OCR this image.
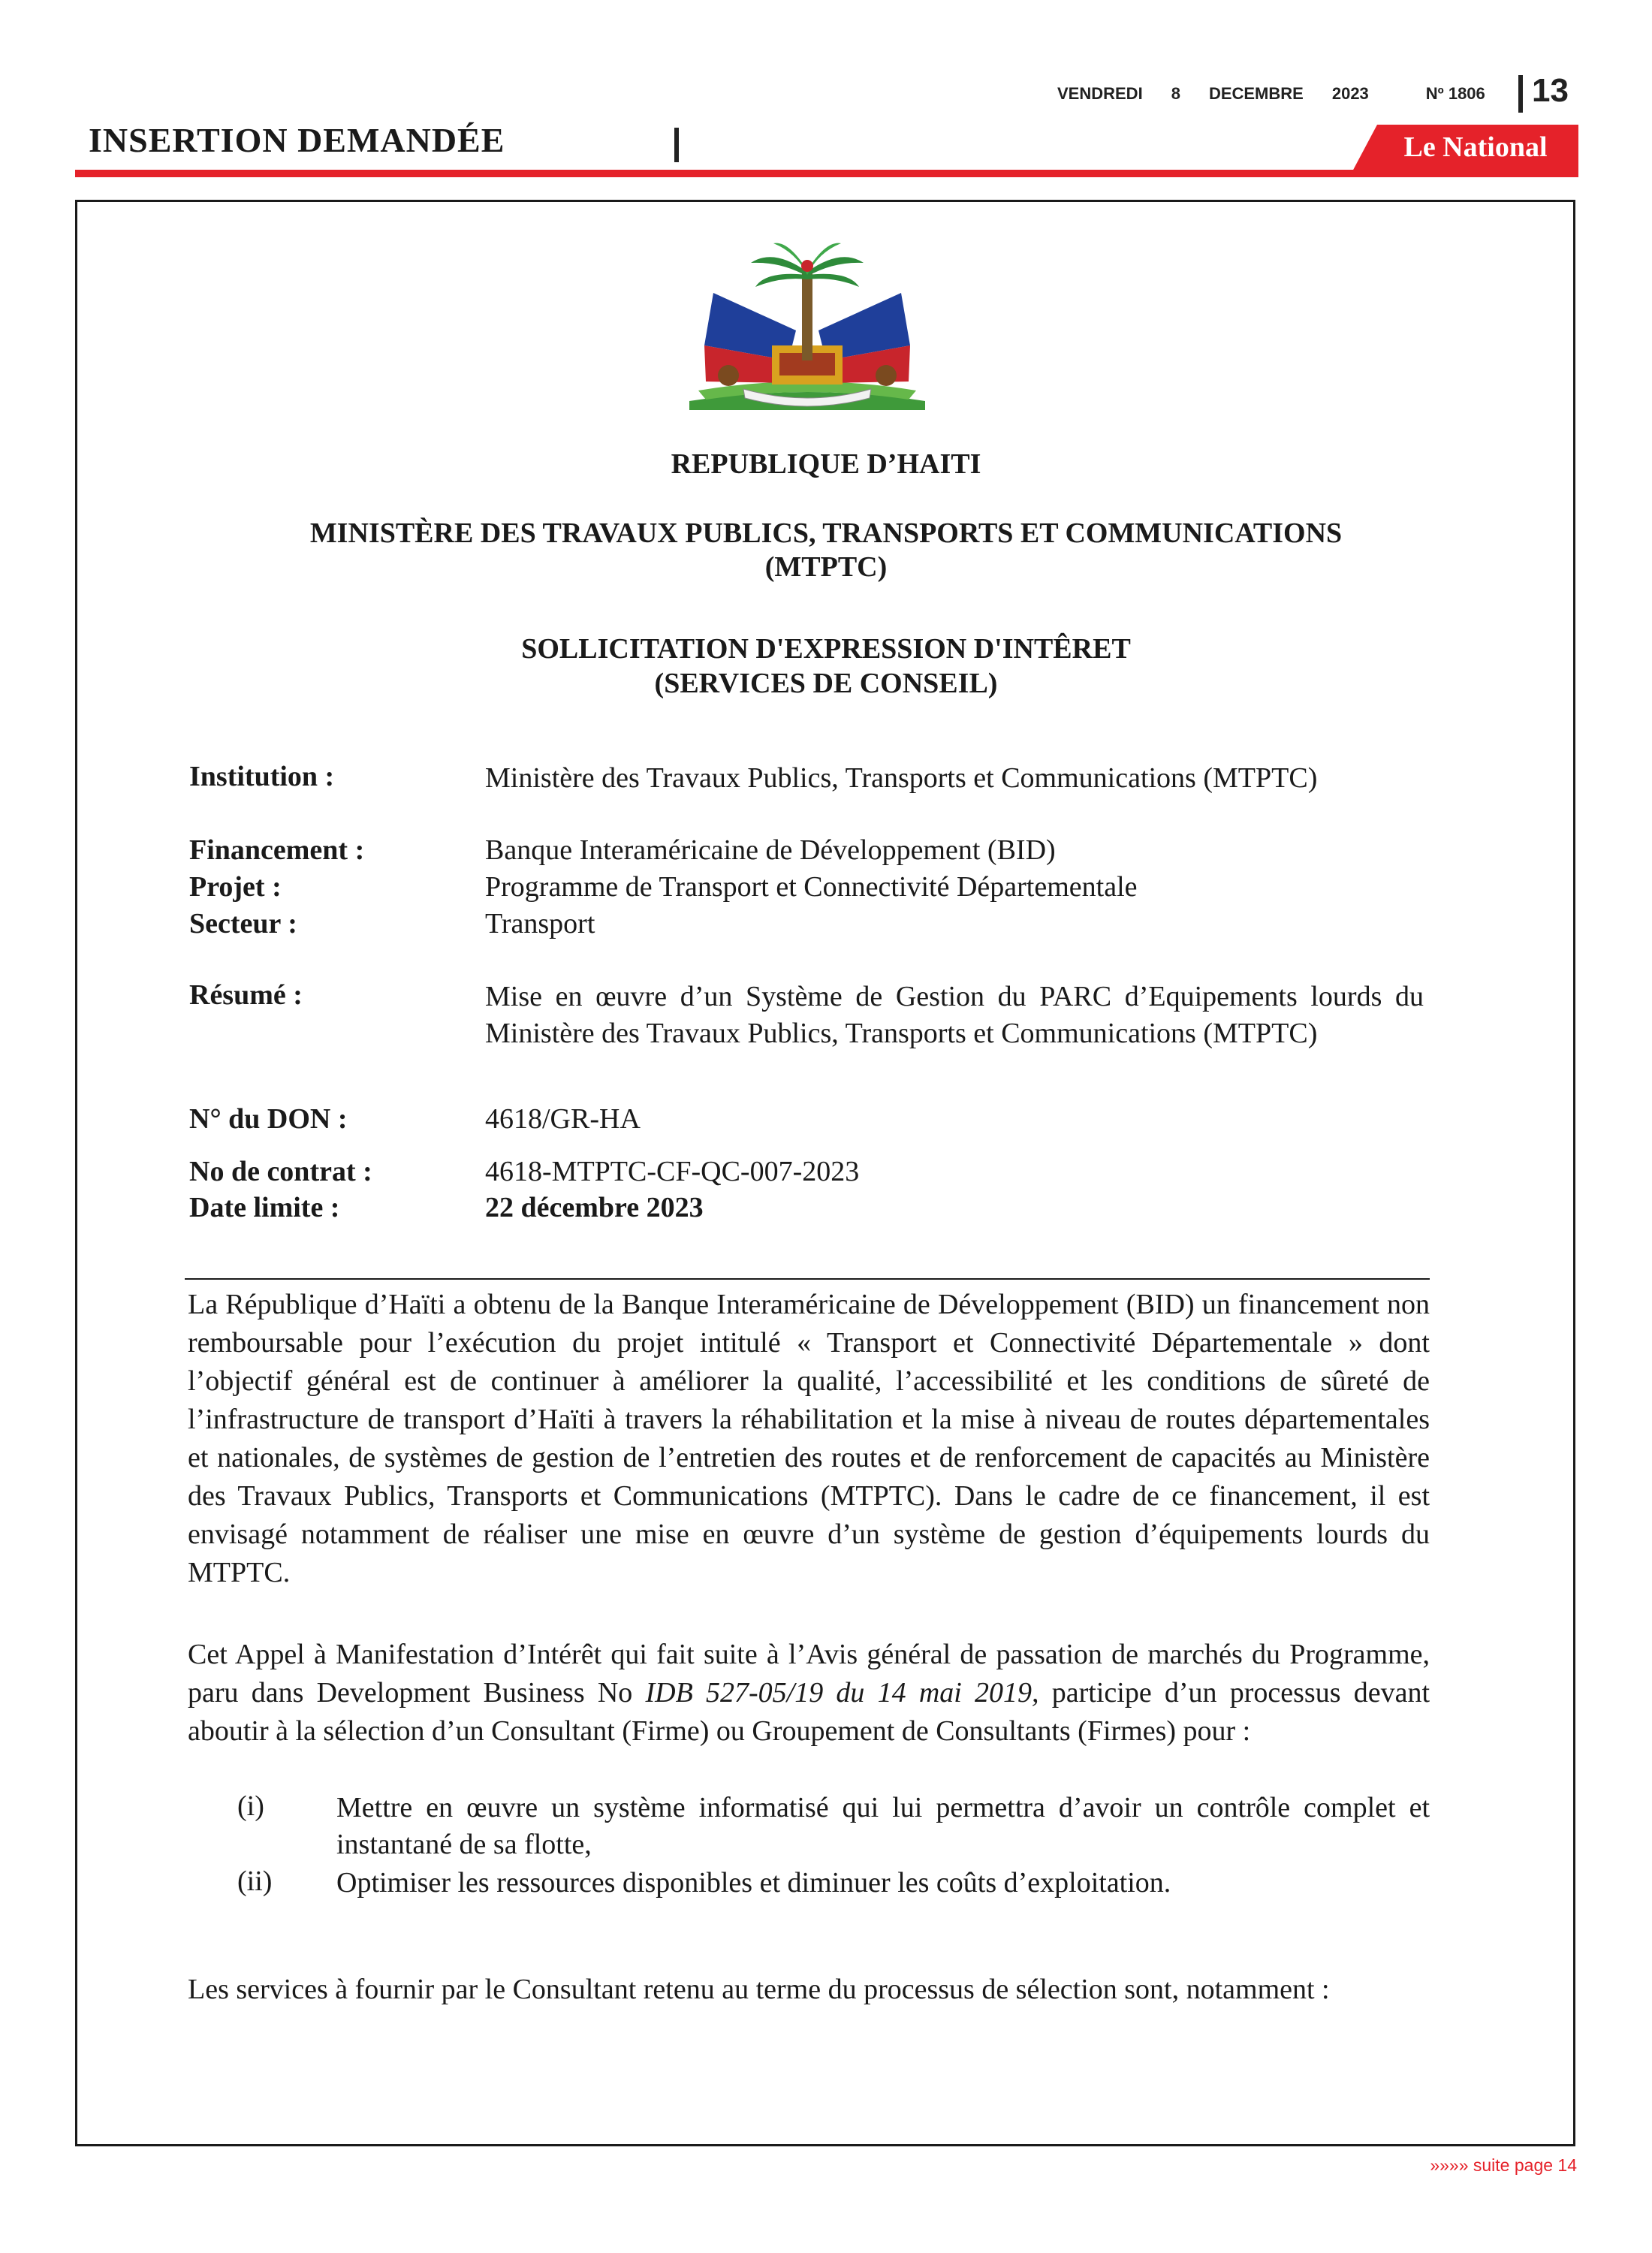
VENDREDI 8 DECEMBRE 2023	Nº 1806 13
INSERTION DEMANDÉE	Le National
REPUBLIQUE D’HAITI
MINISTÈRE DES TRAVAUX PUBLICS, TRANSPORTS ET COMMUNICATIONS
(MTPTC)
SOLLICITATION D'EXPRESSION D'INTÊRET
(SERVICES DE CONSEIL)
Institution :	Ministère des Travaux Publics, Transports et Communications (MTPTC)
Financement :	Banque Interaméricaine de Développement (BID)
Projet :	Programme de Transport et Connectivité Départementale
Secteur :	Transport
Résumé :	Mise en œuvre d’un Système de Gestion du PARC d’Equipements lourds du Ministère des Travaux Publics, Transports et Communications (MTPTC)
N° du DON :	4618/GR-HA
No de contrat :	4618-MTPTC-CF-QC-007-2023
Date limite :	22 décembre 2023
La République d’Haïti a obtenu de la Banque Interaméricaine de Développement (BID) un financement non remboursable pour l’exécution du projet intitulé « Transport et Connectivité Départementale » dont l’objectif général est de continuer à améliorer la qualité, l’accessibilité et les conditions de sûreté de l’infrastructure de transport d’Haïti à travers la réhabilitation et la mise à niveau de routes départementales et nationales, de systèmes de gestion de l’entretien des routes et de renforcement de capacités au Ministère des Travaux Publics, Transports et Communications (MTPTC). Dans le cadre de ce financement, il est envisagé notamment de réaliser une mise en œuvre d’un système de gestion d’équipements lourds du MTPTC.
Cet Appel à Manifestation d’Intérêt qui fait suite à l’Avis général de passation de marchés du Programme, paru dans Development Business No IDB 527-05/19 du 14 mai 2019, participe d’un processus devant aboutir à la sélection d’un Consultant (Firme) ou Groupement de Consultants (Firmes) pour :
(i)	Mettre en œuvre un système informatisé qui lui permettra d’avoir un contrôle complet et instantané de sa flotte,
(ii) Optimiser les ressources disponibles et diminuer les coûts d’exploitation.
Les services à fournir par le Consultant retenu au terme du processus de sélection sont, notamment :
»»»» suite page 14
